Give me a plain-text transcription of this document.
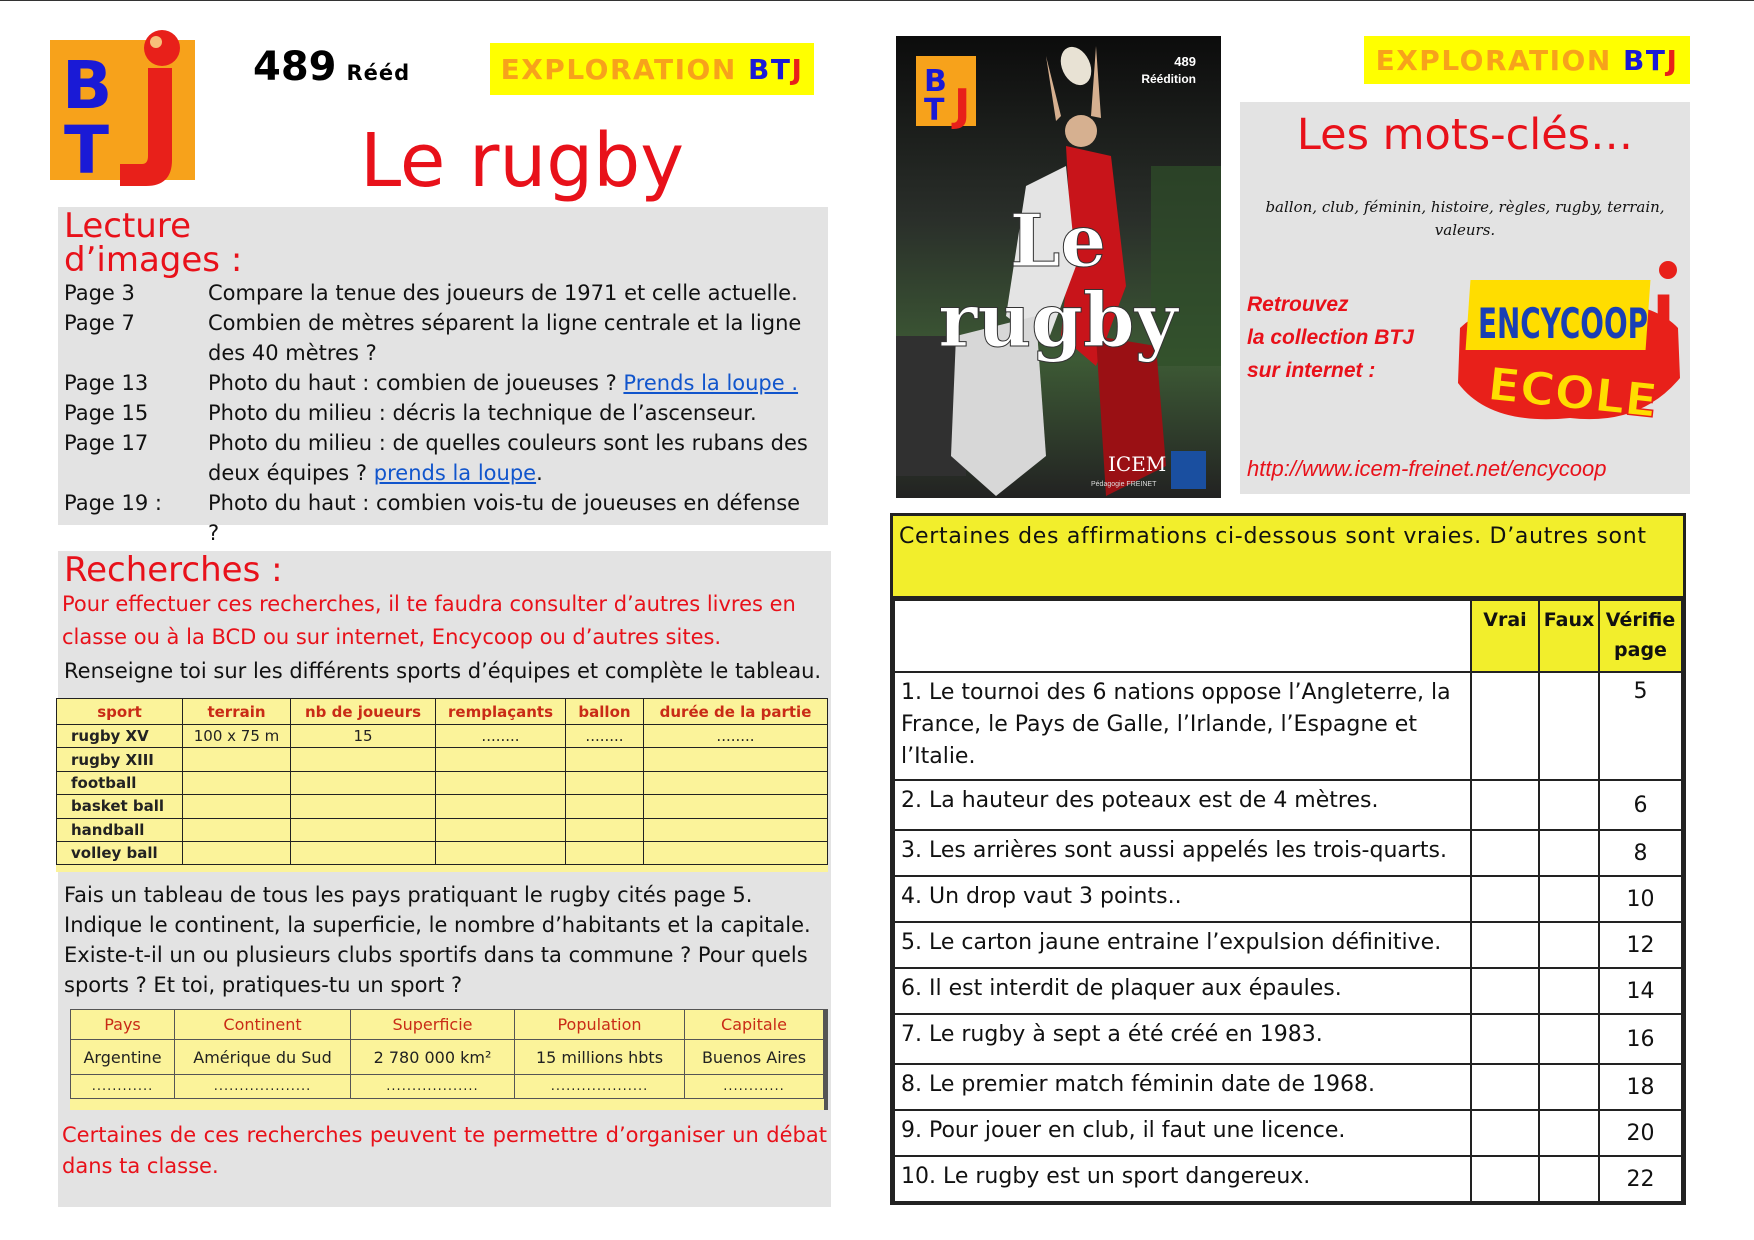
B
T
489 Rééd	EXPLORATION
B T J
Le rugby
Lecture
d’images :
Page 3	Compare la tenue des joueurs de 1971 et celle actuelle.
Page 7	Combien de mètres séparent la ligne centrale et la ligne des 40 mètres ?
Page 13	Photo du haut : combien de joueuses ? Prends la loupe .
Page 15	Photo du milieu : décris la technique de l’ascenseur.
Page 17	Photo du milieu : de quelles couleurs sont les rubans des deux équipes ? prends la loupe.
Page 19 : Photo du haut : combien vois-tu de joueuses en défense ?
Recherches :
Pour effectuer ces recherches, il te faudra consulter d’autres livres en classe ou à la BCD ou sur internet, Encycoop ou d’autres sites.
Renseigne toi sur les différents sports d’équipes et complète le tableau.
sport	terrain	nb de joueurs	remplaçants	ballon	durée de la partie
rugby XV	100 x 75 m	15	........	........	........
rugby XIII					
football					
basket ball					
handball					
volley ball					
Fais un tableau de tous les pays pratiquant le rugby cités page 5. Indique le continent, la superficie, le nombre d’habitants et la capitale.
Existe-t-il un ou plusieurs clubs sportifs dans ta commune ? Pour quels sports ? Et toi, pratiques-tu un sport ?
Pays	Continent	Superficie	Population	Capitale
Argentine	Amérique du Sud	2 780 000 km²	15 millions hbts	Buenos Aires
............	...................	..................	...................	............
Certaines de ces recherches peuvent te permettre d’organiser un débat dans ta classe.
B
T J
489
Réédition
Le
rugby
ICEM
Pédagogie FREINET
EXPLORATION
B T J
Les mots-clés…
ballon, club, féminin, histoire, règles, rugby, terrain, valeurs.
Retrouvez
la collection BTJ
sur internet :
ENCYCOOP J
ECOLE
http://www.icem-freinet.net/encycoop
Certaines des affirmations ci-dessous sont vraies. D’autres sont
	Vrai	Faux	Vérifie page
1. Le tournoi des 6 nations oppose l’Angleterre, la France, le Pays de Galle, l’Irlande, l’Espagne et l’Italie.			5
2. La hauteur des poteaux est de 4 mètres.			6
3. Les arrières sont aussi appelés les trois-quarts.			8
4. Un drop vaut 3 points..			10
5. Le carton jaune entraine l’expulsion définitive.			12
6. Il est interdit de plaquer aux épaules.			14
7. Le rugby à sept a été créé en 1983.			16
8. Le premier match féminin date de 1968.			18
9. Pour jouer en club, il faut une licence.			20
10. Le rugby est un sport dangereux.			22
